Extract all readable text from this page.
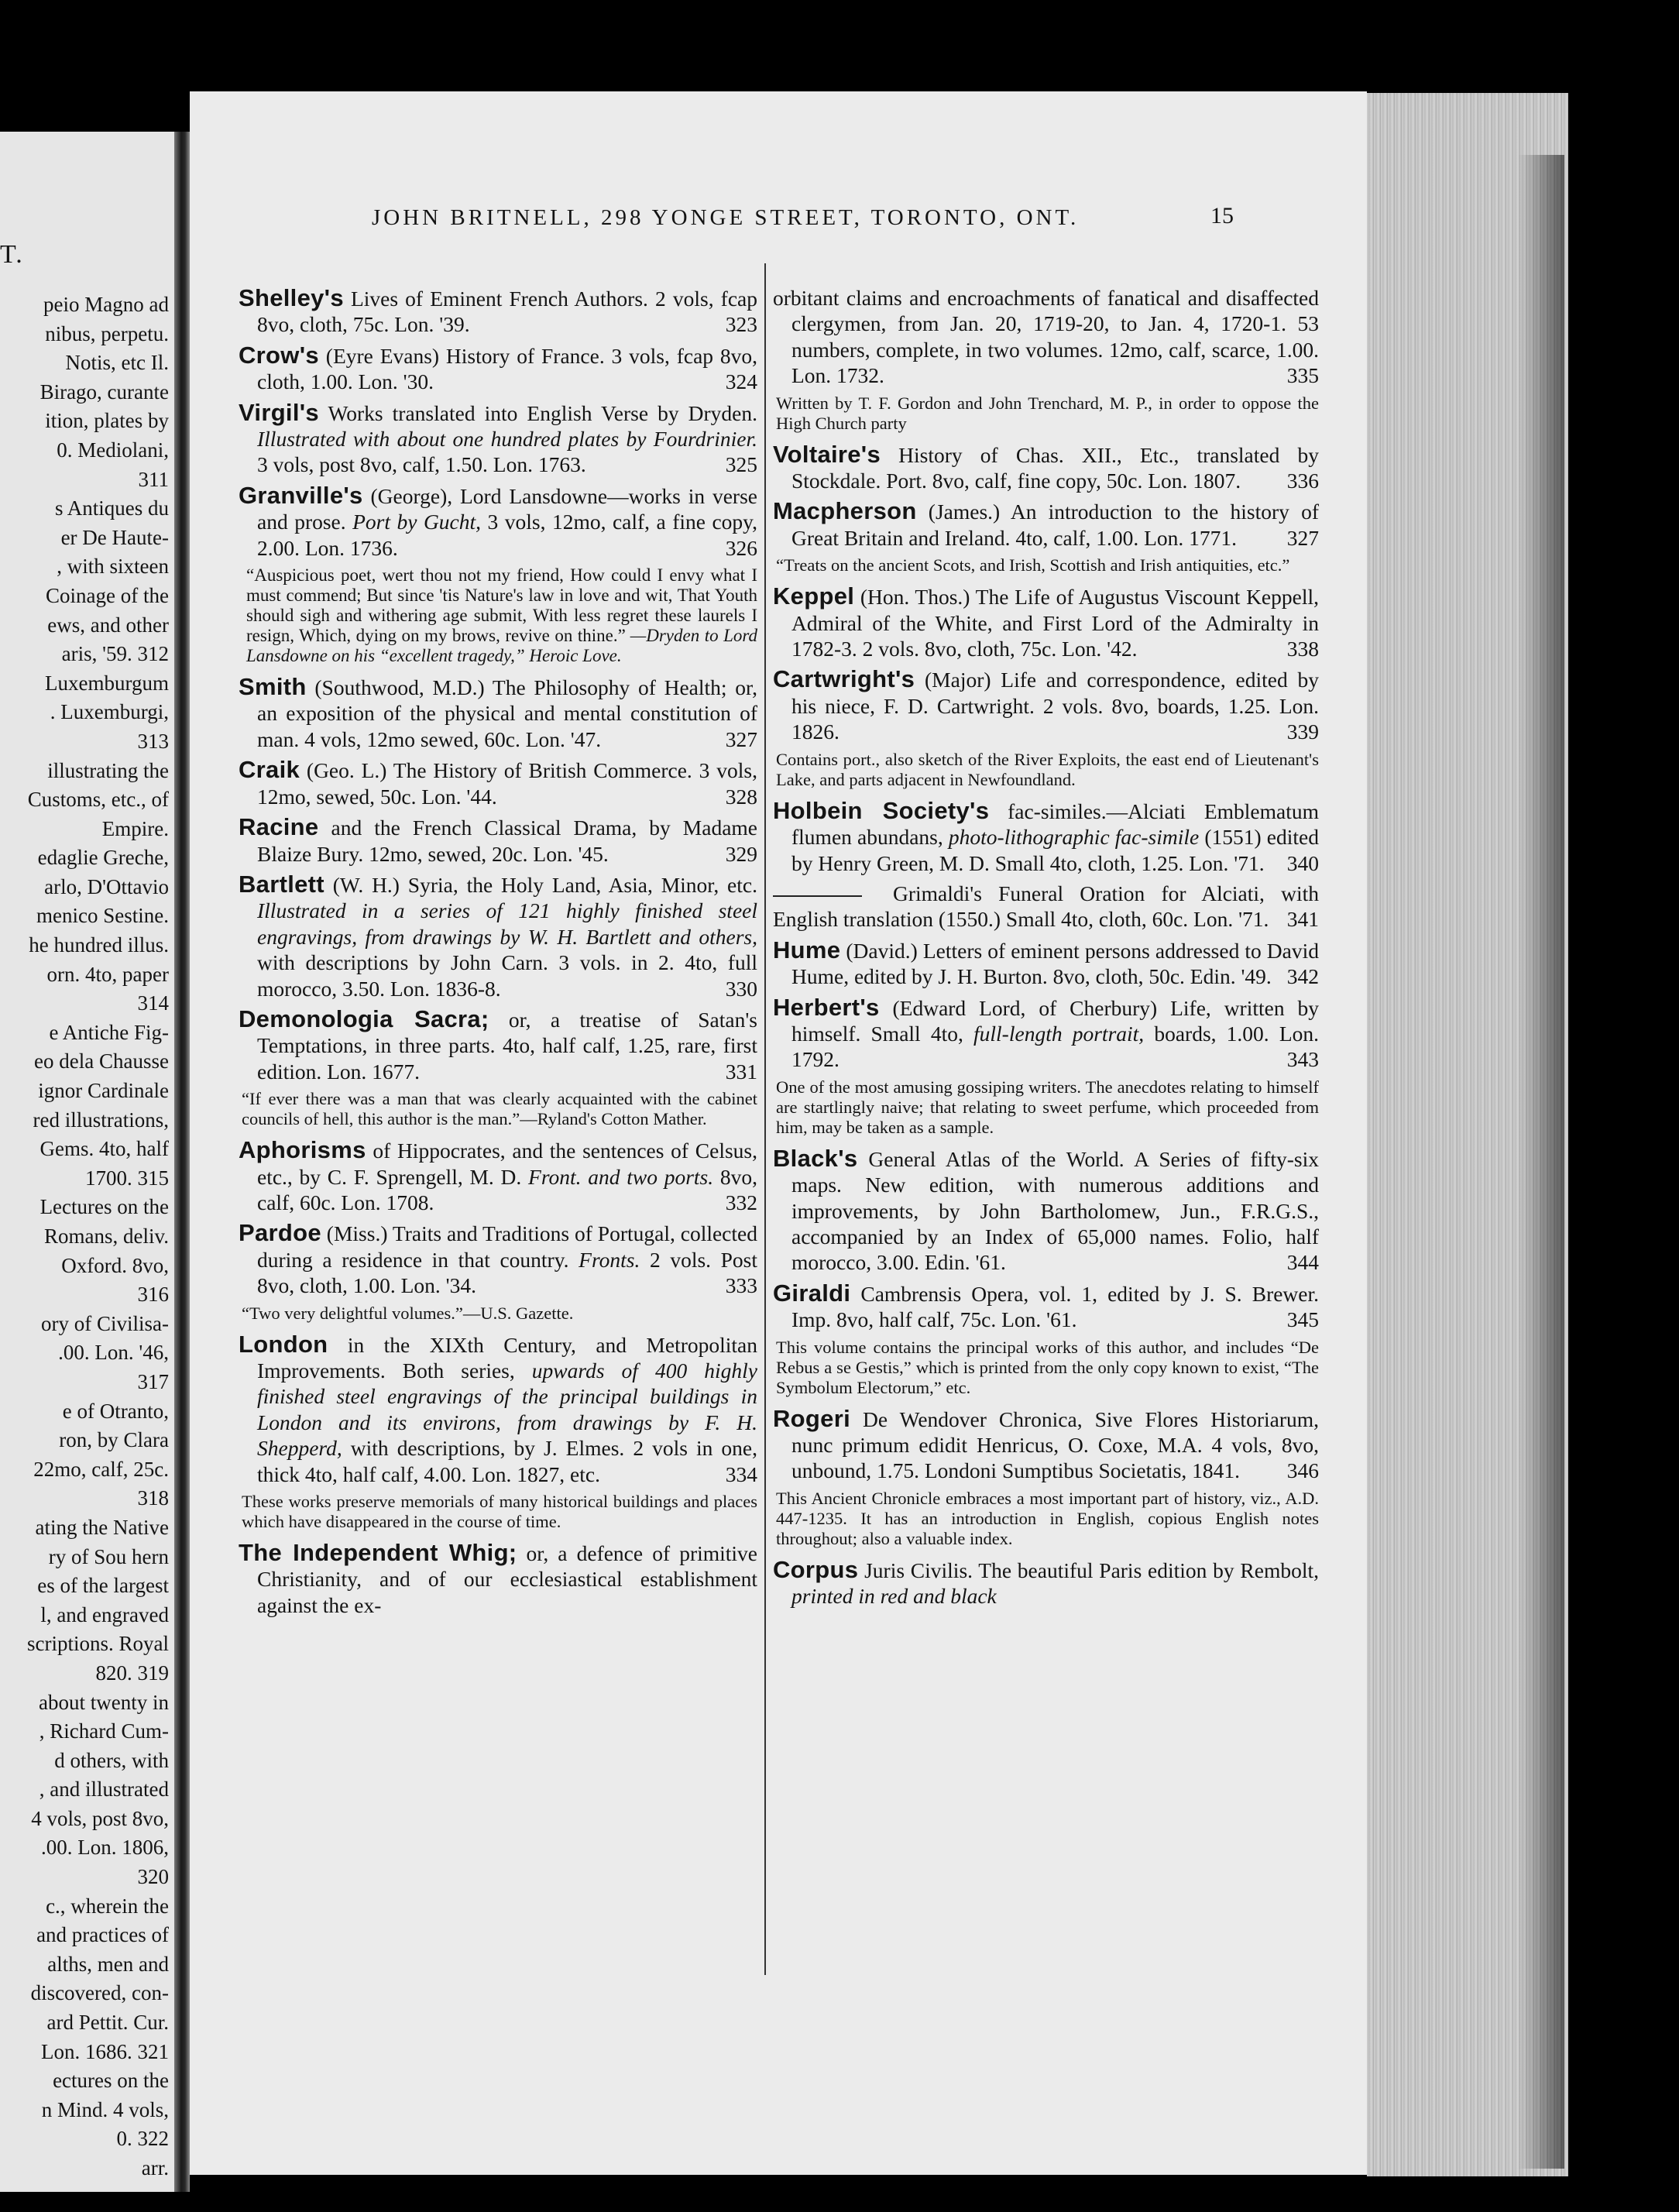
T.
peio Magno ad
nibus, perpetu.
Notis, etc Il.
Birago, curante
ition, plates by
0. Mediolani,
311
s Antiques du
er De Haute-
, with sixteen
Coinage of the
ews, and other
aris, '59. 312
Luxemburgum
. Luxemburgi,
313
illustrating the
Customs, etc., of
Empire.
edaglie Greche,
arlo, D'Ottavio
menico Sestine.
he hundred illus.
orn. 4to, paper
314
e Antiche Fig-
eo dela Chausse
ignor Cardinale
red illustrations,
Gems. 4to, half
1700. 315
Lectures on the
Romans, deliv.
Oxford. 8vo,
316
ory of Civilisa-
.00. Lon. '46,
317
e of Otranto,
ron, by Clara
22mo, calf, 25c.
318
ating the Native
ry of Sou hern
es of the largest
l, and engraved
scriptions. Royal
820. 319
about twenty in
, Richard Cum-
d others, with
, and illustrated
4 vols, post 8vo,
.00. Lon. 1806,
320
c., wherein the
and practices of
alths, men and
discovered, con-
ard Pettit. Cur.
Lon. 1686. 321
ectures on the
n Mind. 4 vols,
0. 322
arr.
JOHN BRITNELL, 298 YONGE STREET, TORONTO, ONT.	15
Shelley's Lives of Eminent French Authors. 2 vols, fcap 8vo, cloth, 75c. Lon. '39.	323
Crow's (Eyre Evans) History of France. 3 vols, fcap 8vo, cloth, 1.00. Lon. '30.	324
Virgil's Works translated into English Verse by Dryden. Illustrated with about one hundred plates by Fourdrinier. 3 vols, post 8vo, calf, 1.50. Lon. 1763.	325
Granville's (George), Lord Lansdowne—works in verse and prose. Port by Gucht, 3 vols, 12mo, calf, a fine copy, 2.00. Lon. 1736.	326
“Auspicious poet, wert thou not my friend, How could I envy what I must commend; But since 'tis Nature's law in love and wit, That Youth should sigh and withering age submit, With less regret these laurels I resign, Which, dying on my brows, revive on thine.” —Dryden to Lord Lansdowne on his “excellent tragedy,” Heroic Love.
Smith (Southwood, M.D.) The Philosophy of Health; or, an exposition of the physical and mental constitution of man. 4 vols, 12mo sewed, 60c. Lon. '47.	327
Craik (Geo. L.) The History of British Commerce. 3 vols, 12mo, sewed, 50c. Lon. '44.	328
Racine and the French Classical Drama, by Madame Blaize Bury. 12mo, sewed, 20c. Lon. '45.	329
Bartlett (W. H.) Syria, the Holy Land, Asia, Minor, etc. Illustrated in a series of 121 highly finished steel engravings, from drawings by W. H. Bartlett and others, with descriptions by John Carn. 3 vols. in 2. 4to, full morocco, 3.50. Lon. 1836-8.	330
Demonologia Sacra; or, a treatise of Satan's Temptations, in three parts. 4to, half calf, 1.25, rare, first edition. Lon. 1677.	331
“If ever there was a man that was clearly acquainted with the cabinet councils of hell, this author is the man.”—Ryland's Cotton Mather.
Aphorisms of Hippocrates, and the sentences of Celsus, etc., by C. F. Sprengell, M. D. Front. and two ports. 8vo, calf, 60c. Lon. 1708.	332
Pardoe (Miss.) Traits and Traditions of Portugal, collected during a residence in that country. Fronts. 2 vols. Post 8vo, cloth, 1.00. Lon. '34.	333
“Two very delightful volumes.”—U.S. Gazette.
London in the XIXth Century, and Metropolitan Improvements. Both series, upwards of 400 highly finished steel engravings of the principal buildings in London and its environs, from drawings by F. H. Shepperd, with descriptions, by J. Elmes. 2 vols in one, thick 4to, half calf, 4.00. Lon. 1827, etc.	334
These works preserve memorials of many historical buildings and places which have disappeared in the course of time.
The Independent Whig; or, a defence of primitive Christianity, and of our ecclesiastical establishment against the ex-
orbitant claims and encroachments of fanatical and disaffected clergymen, from Jan. 20, 1719-20, to Jan. 4, 1720-1. 53 numbers, complete, in two volumes. 12mo, calf, scarce, 1.00. Lon. 1732.	335
Written by T. F. Gordon and John Trenchard, M. P., in order to oppose the High Church party
Voltaire's History of Chas. XII., Etc., translated by Stockdale. Port. 8vo, calf, fine copy, 50c. Lon. 1807. 336
Macpherson (James.) An introduction to the history of Great Britain and Ireland. 4to, calf, 1.00. Lon. 1771. 327
“Treats on the ancient Scots, and Irish, Scottish and Irish antiquities, etc.”
Keppel (Hon. Thos.) The Life of Augustus Viscount Keppell, Admiral of the White, and First Lord of the Admiralty in 1782-3. 2 vols. 8vo, cloth, 75c. Lon. '42.	338
Cartwright's (Major) Life and correspondence, edited by his niece, F. D. Cartwright. 2 vols. 8vo, boards, 1.25. Lon. 1826.	339
Contains port., also sketch of the River Exploits, the east end of Lieutenant's Lake, and parts adjacent in Newfoundland.
Holbein Society's fac-similes.—Alciati Emblematum flumen abundans, photo-lithographic fac-simile (1551) edited by Henry Green, M. D. Small 4to, cloth, 1.25. Lon. '71. 340
Grimaldi's Funeral Oration for Alciati, with English translation (1550.) Small 4to, cloth, 60c. Lon. '71. 341
Hume (David.) Letters of eminent persons addressed to David Hume, edited by J. H. Burton. 8vo, cloth, 50c. Edin. '49. 342
Herbert's (Edward Lord, of Cherbury) Life, written by himself. Small 4to, full-length portrait, boards, 1.00. Lon. 1792.	343
One of the most amusing gossiping writers. The anecdotes relating to himself are startlingly naive; that relating to sweet perfume, which proceeded from him, may be taken as a sample.
Black's General Atlas of the World. A Series of fifty-six maps. New edition, with numerous additions and improvements, by John Bartholomew, Jun., F.R.G.S., accompanied by an Index of 65,000 names. Folio, half morocco, 3.00. Edin. '61.	344
Giraldi Cambrensis Opera, vol. 1, edited by J. S. Brewer. Imp. 8vo, half calf, 75c. Lon. '61.	345
This volume contains the principal works of this author, and includes “De Rebus a se Gestis,” which is printed from the only copy known to exist, “The Symbolum Electorum,” etc.
Rogeri De Wendover Chronica, Sive Flores Historiarum, nunc primum edidit Henricus, O. Coxe, M.A. 4 vols, 8vo, unbound, 1.75. Londoni Sumptibus Societatis, 1841. 346
This Ancient Chronicle embraces a most important part of history, viz., A.D. 447-1235. It has an introduction in English, copious English notes throughout; also a valuable index.
Corpus Juris Civilis. The beautiful Paris edition by Rembolt, printed in red and black
